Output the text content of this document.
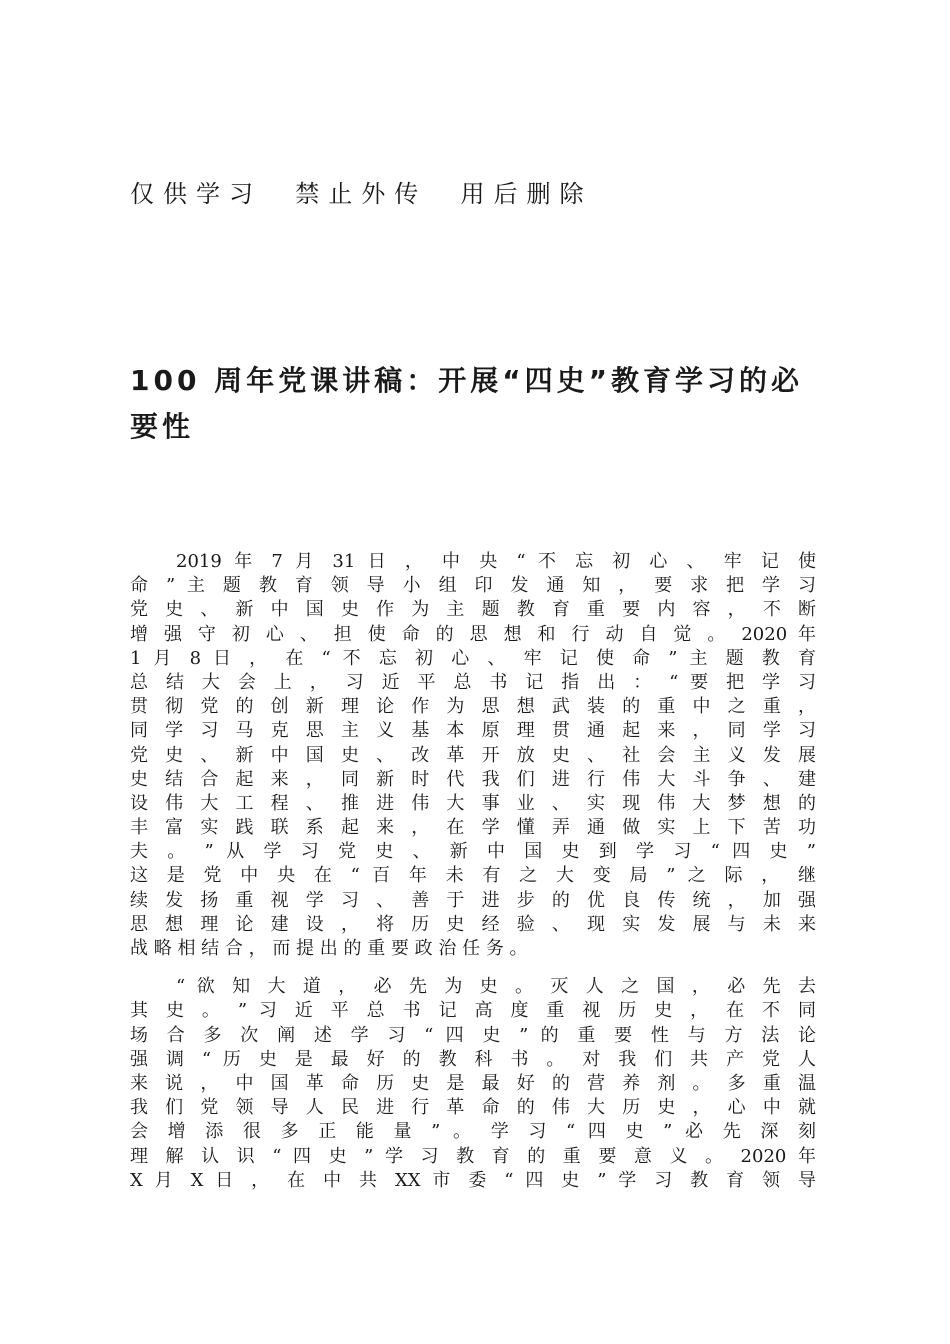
仅供学习  禁止外传  用后删除
100 周年党课讲稿：开展“四史”教育学习的必要性
2019 年 7 月 31 日 ， 中 央 “ 不 忘 初 心 、 牢 记 使
命 ” 主 题 教 育 领 导 小 组 印 发 通 知 ， 要 求 把 学 习
党 史 、 新 中 国 史 作 为 主 题 教 育 重 要 内 容 ， 不 断
增 强 守 初 心 、 担 使 命 的 思 想 和 行 动 自 觉 。 2020 年
1 月 8 日 ， 在 “ 不 忘 初 心 、 牢 记 使 命 ” 主 题 教 育
总 结 大 会 上 ， 习 近 平 总 书 记 指 出 ： “ 要 把 学 习
贯 彻 党 的 创 新 理 论 作 为 思 想 武 装 的 重 中 之 重 ，
同 学 习 马 克 思 主 义 基 本 原 理 贯 通 起 来 ， 同 学 习
党 史 、 新 中 国 史 、 改 革 开 放 史 、 社 会 主 义 发 展
史 结 合 起 来 ， 同 新 时 代 我 们 进 行 伟 大 斗 争 、 建
设 伟 大 工 程 、 推 进 伟 大 事 业 、 实 现 伟 大 梦 想 的
丰 富 实 践 联 系 起 来 ， 在 学 懂 弄 通 做 实 上 下 苦 功
夫 。 ” 从 学 习 党 史 、 新 中 国 史 到 学 习 “ 四 史 ”
这 是 党 中 央 在 “ 百 年 未 有 之 大 变 局 ” 之 际 ， 继
续 发 扬 重 视 学 习 、 善 于 进 步 的 优 良 传 统 ， 加 强
思 想 理 论 建 设 ， 将 历 史 经 验 、 现 实 发 展 与 未 来
战 略 相 结 合 ， 而 提 出 的 重 要 政 治 任 务 。
“ 欲 知 大 道 ， 必 先 为 史 。 灭 人 之 国 ， 必 先 去
其 史 。 ” 习 近 平 总 书 记 高 度 重 视 历 史 ， 在 不 同
场 合 多 次 阐 述 学 习 “ 四 史 ” 的 重 要 性 与 方 法 论
强 调 “ 历 史 是 最 好 的 教 科 书 。 对 我 们 共 产 党 人
来 说 ， 中 国 革 命 历 史 是 最 好 的 营 养 剂 。 多 重 温
我 们 党 领 导 人 民 进 行 革 命 的 伟 大 历 史 ， 心 中 就
会 增 添 很 多 正 能 量 ” 。 学 习 “ 四 史 ” 必 先 深 刻
理 解 认 识 “ 四 史 ” 学 习 教 育 的 重 要 意 义 。 2020 年
X 月 X 日 ， 在 中 共 XX 市 委 “ 四 史 ” 学 习 教 育 领 导
